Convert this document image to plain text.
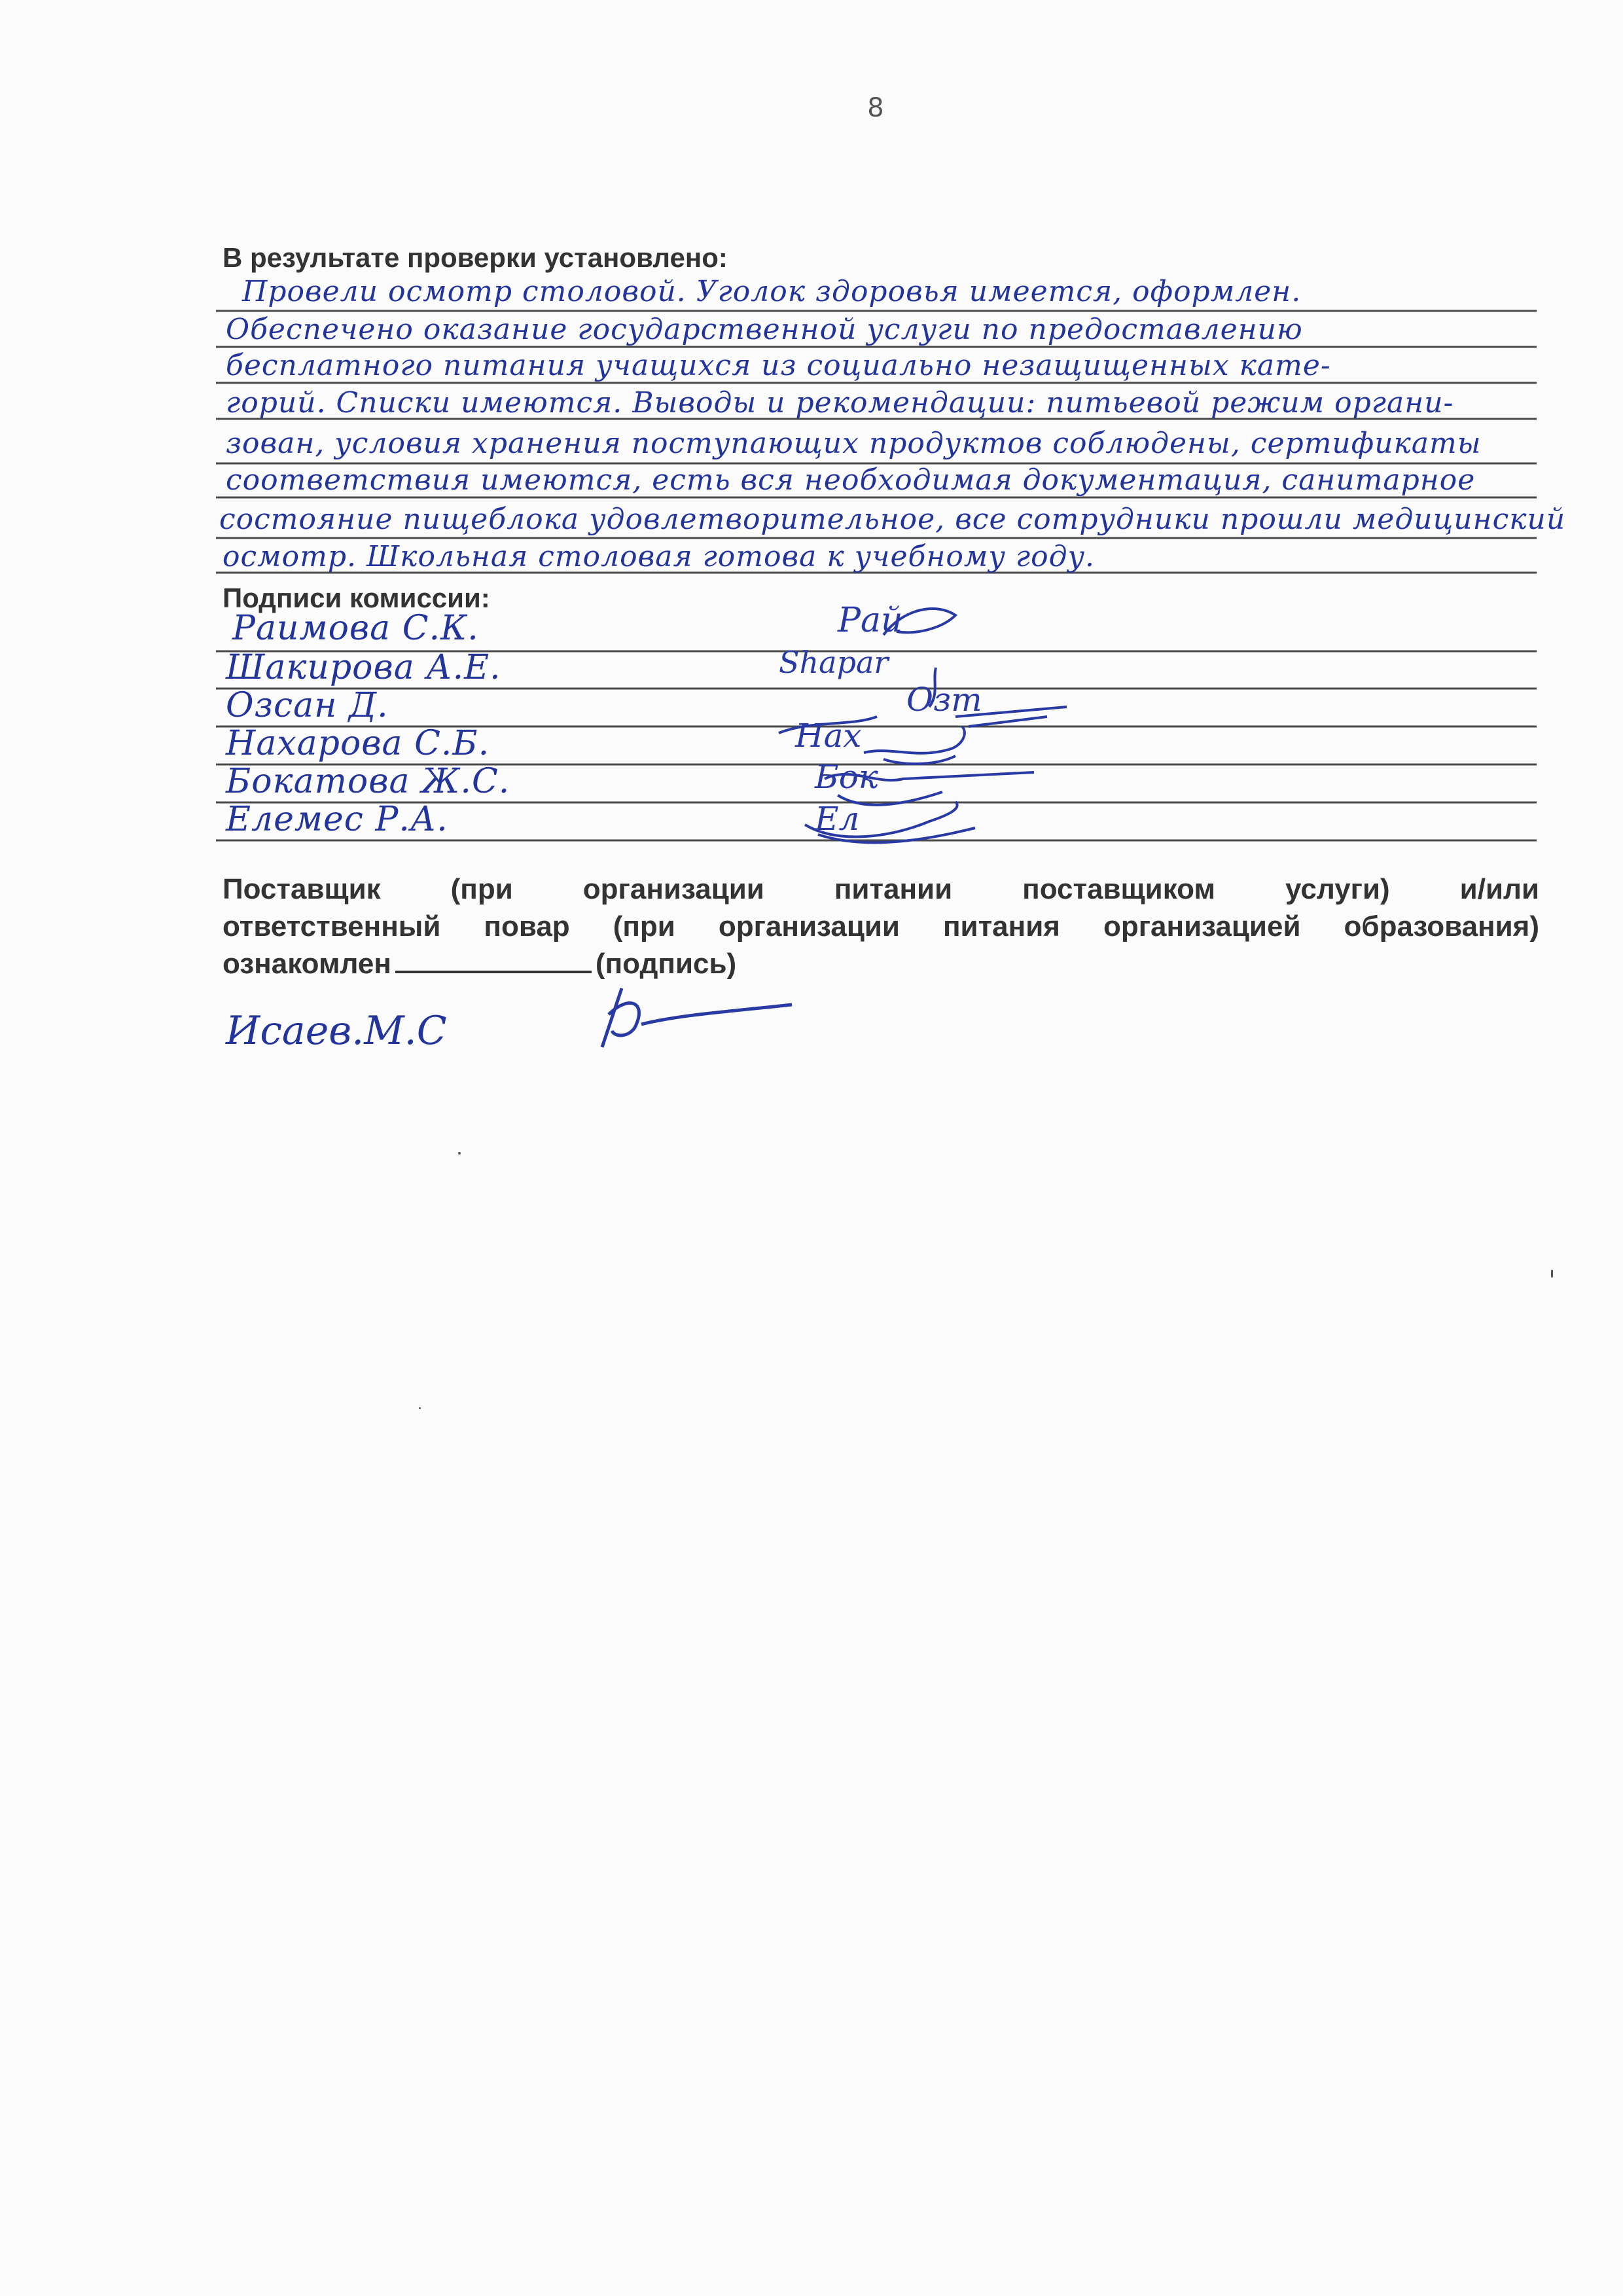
8
В результате проверки установлено:
Провели осмотр столовой. Уголок здоровья имеется, оформлен.
Обеспечено оказание государственной услуги по предоставлению
бесплатного питания учащихся из социально незащищенных кате-
горий. Списки имеются. Выводы и рекомендации: питьевой режим органи-
зован, условия хранения поступающих продуктов соблюдены, сертификаты
соответствия имеются, есть вся необходимая документация, санитарное
состояние пищеблока удовлетворительное, все сотрудники прошли медицинский
осмотр. Школьная столовая готова к учебному году.
Подписи комиссии:
Раимова С.К.
Шакирова А.Е.
Озсан Д.
Нахарова С.Б.
Бокатова Ж.С.
Елемес Р.А.
Рай
Shapar
Озт
Нах
Бок
Ел
Поставщик (при организации питании поставщиком услуги) и/или
ответственный повар (при организации питания организацией образования)
ознакомлен	(подпись)
Исаев.М.С
